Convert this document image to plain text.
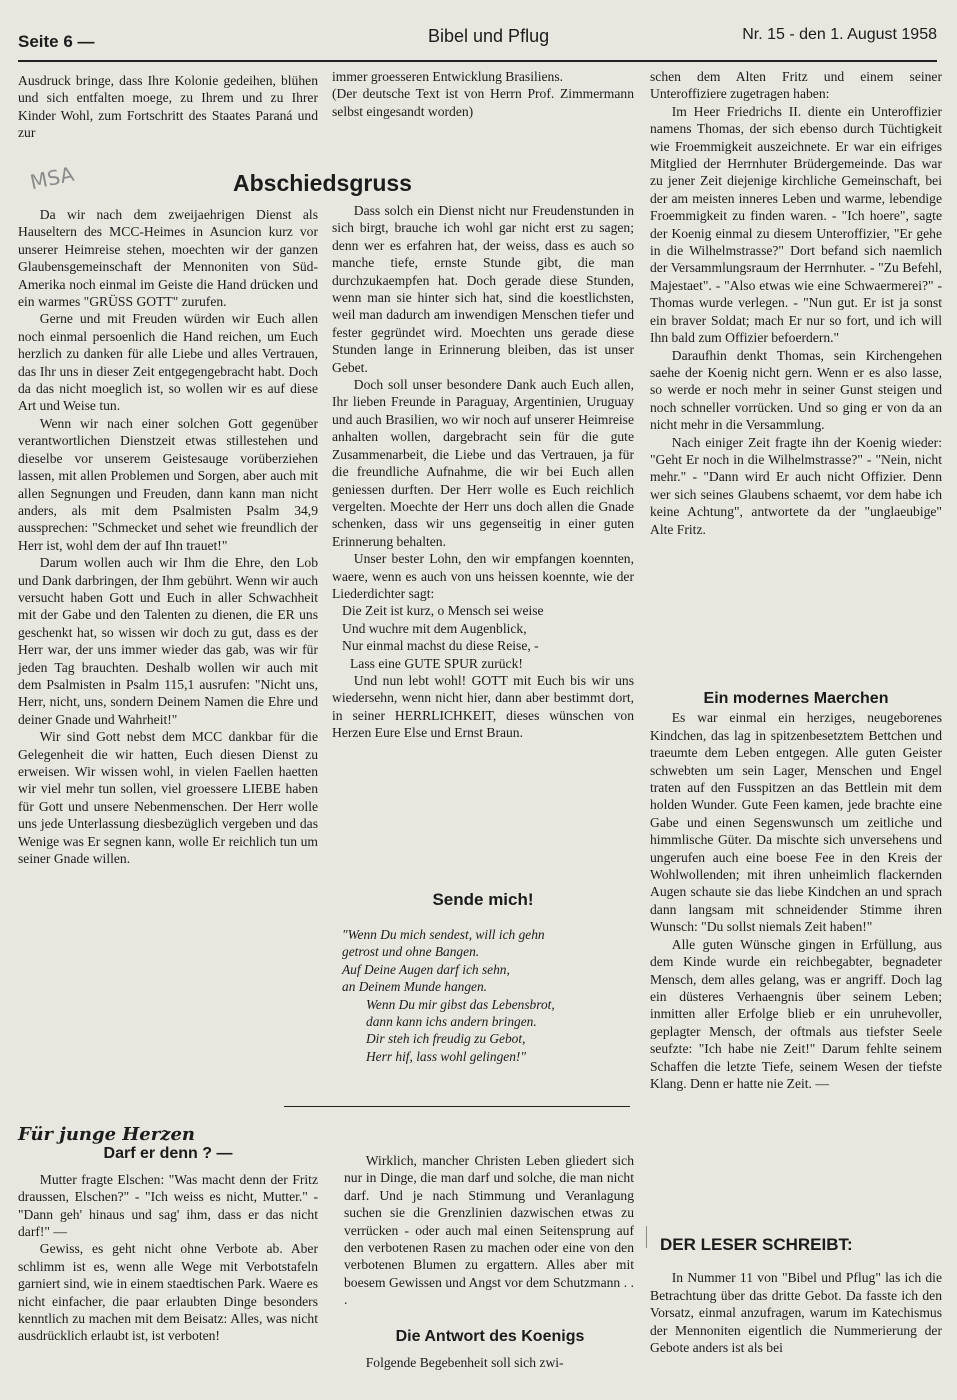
Seite 6 —	Bibel und Pflug	Nr. 15 - den 1. August 1958

Ausdruck bringe, dass Ihre Kolonie gedeihen, blühen und sich entfalten moege, zu Ihrem und zu Ihrer Kinder Wohl, zum Fortschritt des Staates Paraná und zur

immer groesseren Entwicklung Brasiliens.

(Der deutsche Text ist von Herrn Prof. Zimmermann selbst eingesandt worden)

MSA	Abschiedsgruss

Da wir nach dem zweijaehrigen Dienst als Hauseltern des MCC-Heimes in Asuncion kurz vor unserer Heimreise stehen, moechten wir der ganzen Glaubensgemeinschaft der Mennoniten von Süd-Amerika noch einmal im Geiste die Hand drücken und ein warmes "GRÜSS GOTT" zurufen.

Gerne und mit Freuden würden wir Euch allen noch einmal persoenlich die Hand reichen, um Euch herzlich zu danken für alle Liebe und alles Vertrauen, das Ihr uns in dieser Zeit entgegengebracht habt. Doch da das nicht moeglich ist, so wollen wir es auf diese Art und Weise tun.

Wenn wir nach einer solchen Gott gegenüber verantwortlichen Dienstzeit etwas stillestehen und dieselbe vor unserem Geistesauge vorüberziehen lassen, mit allen Problemen und Sorgen, aber auch mit allen Segnungen und Freuden, dann kann man nicht anders, als mit dem Psalmisten Psalm 34,9 aussprechen: "Schmecket und sehet wie freundlich der Herr ist, wohl dem der auf Ihn trauet!"

Darum wollen auch wir Ihm die Ehre, den Lob und Dank darbringen, der Ihm gebührt. Wenn wir auch versucht haben Gott und Euch in aller Schwachheit mit der Gabe und den Talenten zu dienen, die ER uns geschenkt hat, so wissen wir doch zu gut, dass es der Herr war, der uns immer wieder das gab, was wir für jeden Tag brauchten. Deshalb wollen wir auch mit dem Psalmisten in Psalm 115,1 ausrufen: "Nicht uns, Herr, nicht, uns, sondern Deinem Namen die Ehre und deiner Gnade und Wahrheit!"

Wir sind Gott nebst dem MCC dankbar für die Gelegenheit die wir hatten, Euch diesen Dienst zu erweisen. Wir wissen wohl, in vielen Faellen haetten wir viel mehr tun sollen, viel groessere LIEBE haben für Gott und unsere Nebenmenschen. Der Herr wolle uns jede Unterlassung diesbezüglich vergeben und das Wenige was Er segnen kann, wolle Er reichlich tun um seiner Gnade willen.

Dass solch ein Dienst nicht nur Freudenstunden in sich birgt, brauche ich wohl gar nicht erst zu sagen; denn wer es erfahren hat, der weiss, dass es auch so manche tiefe, ernste Stunde gibt, die man durchzukaempfen hat. Doch gerade diese Stunden, wenn man sie hinter sich hat, sind die koestlichsten, weil man dadurch am inwendigen Menschen tiefer und fester gegründet wird. Moechten uns gerade diese Stunden lange in Erinnerung bleiben, das ist unser Gebet.

Doch soll unser besondere Dank auch Euch allen, Ihr lieben Freunde in Paraguay, Argentinien, Uruguay und auch Brasilien, wo wir noch auf unserer Heimreise anhalten wollen, dargebracht sein für die gute Zusammenarbeit, die Liebe und das Vertrauen, ja für die freundliche Aufnahme, die wir bei Euch allen geniessen durften. Der Herr wolle es Euch reichlich vergelten. Moechte der Herr uns doch allen die Gnade schenken, dass wir uns gegenseitig in einer guten Erinnerung behalten.

Unser bester Lohn, den wir empfangen koennten, waere, wenn es auch von uns heissen koennte, wie der Liederdichter sagt:

Die Zeit ist kurz, o Mensch sei weise
Und wuchre mit dem Augenblick,
Nur einmal machst du diese Reise, -
Lass eine GUTE SPUR zurück!

Und nun lebt wohl! GOTT mit Euch bis wir uns wiedersehn, wenn nicht hier, dann aber bestimmt dort, in seiner HERRLICHKEIT, dieses wünschen von Herzen Eure Else und Ernst Braun.

Sende mich!
"Wenn Du mich sendest, will ich gehn
getrost und ohne Bangen.
Auf Deine Augen darf ich sehn,
an Deinem Munde hangen.
Wenn Du mir gibst das Lebensbrot,
dann kann ichs andern bringen.
Dir steh ich freudig zu Gebot,
Herr hif, lass wohl gelingen!"

schen dem Alten Fritz und einem seiner Unteroffiziere zugetragen haben:

Im Heer Friedrichs II. diente ein Unteroffizier namens Thomas, der sich ebenso durch Tüchtigkeit wie Froemmigkeit auszeichnete. Er war ein eifriges Mitglied der Herrnhuter Brüdergemeinde. Das war zu jener Zeit diejenige kirchliche Gemeinschaft, bei der am meisten inneres Leben und warme, lebendige Froemmigkeit zu finden waren. - "Ich hoere", sagte der Koenig einmal zu diesem Unteroffizier, "Er gehe in die Wilhelmstrasse?" Dort befand sich naemlich der Versammlungsraum der Herrnhuter. - "Zu Befehl, Majestaet". - "Also etwas wie eine Schwaermerei?" - Thomas wurde verlegen. - "Nun gut. Er ist ja sonst ein braver Soldat; mach Er nur so fort, und ich will Ihn bald zum Offizier befoerdern."

Daraufhin denkt Thomas, sein Kirchengehen saehe der Koenig nicht gern. Wenn er es also lasse, so werde er noch mehr in seiner Gunst steigen und noch schneller vorrücken. Und so ging er von da an nicht mehr in die Versammlung.

Nach einiger Zeit fragte ihn der Koenig wieder: "Geht Er noch in die Wilhelmstrasse?" - "Nein, nicht mehr." - "Dann wird Er auch nicht Offizier. Denn wer sich seines Glaubens schaemt, vor dem habe ich keine Achtung", antwortete da der "unglaeubige" Alte Fritz.

Ein modernes Maerchen

Es war einmal ein herziges, neugeborenes Kindchen, das lag in spitzenbesetztem Bettchen und traeumte dem Leben entgegen. Alle guten Geister schwebten um sein Lager, Menschen und Engel traten auf den Fusspitzen an das Bettlein mit dem holden Wunder. Gute Feen kamen, jede brachte eine Gabe und einen Segenswunsch um zeitliche und himmlische Güter. Da mischte sich unversehens und ungerufen auch eine boese Fee in den Kreis der Wohlwollenden; mit ihren unheimlich flackernden Augen schaute sie das liebe Kindchen an und sprach dann langsam mit schneidender Stimme ihren Wunsch: "Du sollst niemals Zeit haben!"

Alle guten Wünsche gingen in Erfüllung, aus dem Kinde wurde ein reichbegabter, begnadeter Mensch, dem alles gelang, was er angriff. Doch lag ein düsteres Verhaengnis über seinem Leben; inmitten aller Erfolge blieb er ein unruhevoller, geplagter Mensch, der oftmals aus tiefster Seele seufzte: "Ich habe nie Zeit!" Darum fehlte seinem Schaffen die letzte Tiefe, seinem Wesen der tiefste Klang. Denn er hatte nie Zeit. —

Für junge Herzen
Darf er denn ? —

Mutter fragte Elschen: "Was macht denn der Fritz draussen, Elschen?" - "Ich weiss es nicht, Mutter." - "Dann geh' hinaus und sag' ihm, dass er das nicht darf!" —

Gewiss, es geht nicht ohne Verbote ab. Aber schlimm ist es, wenn alle Wege mit Verbotstafeln garniert sind, wie in einem staedtischen Park. Waere es nicht einfacher, die paar erlaubten Dinge besonders kenntlich zu machen mit dem Beisatz: Alles, was nicht ausdrücklich erlaubt ist, ist verboten!

Wirklich, mancher Christen Leben gliedert sich nur in Dinge, die man darf und solche, die man nicht darf. Und je nach Stimmung und Veranlagung suchen sie die Grenzlinien dazwischen etwas zu verrücken - oder auch mal einen Seitensprung auf den verbotenen Rasen zu machen oder eine von den verbotenen Blumen zu ergattern. Alles aber mit boesem Gewissen und Angst vor dem Schutzmann . . .

Die Antwort des Koenigs

Folgende Begebenheit soll sich zwi-

DER LESER SCHREIBT:

In Nummer 11 von "Bibel und Pflug" las ich die Betrachtung über das dritte Gebot. Da fasste ich den Vorsatz, einmal anzufragen, warum im Katechismus der Mennoniten eigentlich die Nummerierung der Gebote anders ist als bei
